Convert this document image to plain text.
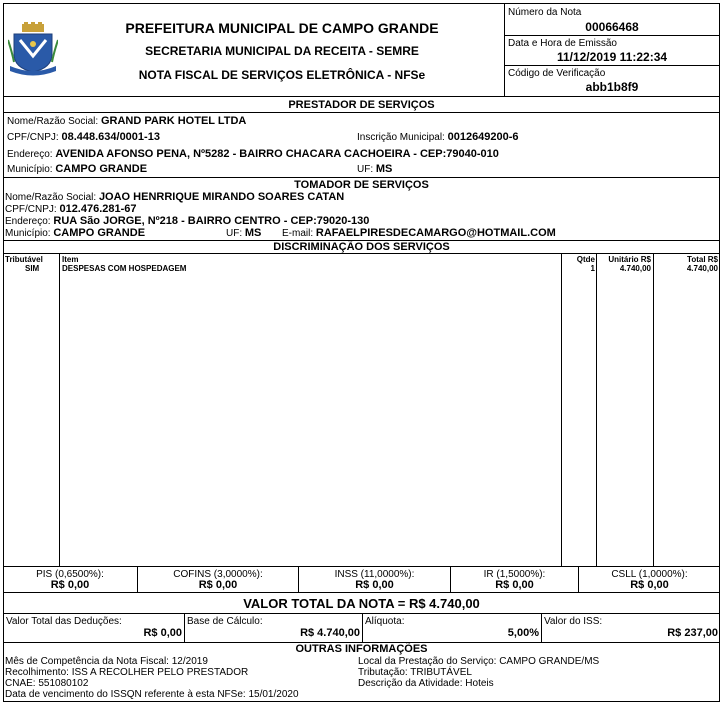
PREFEITURA MUNICIPAL DE CAMPO GRANDE
SECRETARIA MUNICIPAL DA RECEITA - SEMRE
NOTA FISCAL DE SERVIÇOS ELETRÔNICA - NFSe
Número da Nota
00066468
Data e Hora de Emissão
11/12/2019 11:22:34
Código de Verificação
abb1b8f9
PRESTADOR DE SERVIÇOS
Nome/Razão Social: GRAND PARK HOTEL LTDA
CPF/CNPJ: 08.448.634/0001-13	Inscrição Municipal: 0012649200-6
Endereço: AVENIDA AFONSO PENA, Nº5282 - BAIRRO CHACARA CACHOEIRA - CEP:79040-010
Município: CAMPO GRANDE	UF: MS
TOMADOR DE SERVIÇOS
Nome/Razão Social: JOAO HENRRIQUE MIRANDO SOARES CATAN
CPF/CNPJ: 012.476.281-67
Endereço: RUA São JORGE, Nº218 - BAIRRO CENTRO - CEP:79020-130
Município: CAMPO GRANDE	UF: MS E-mail: RAFAELPIRESDECAMARGO@HOTMAIL.COM
DISCRIMINAÇÃO DOS SERVIÇOS
Tributável Item	Qtde	Unitário R$	Total R$
SIM	DESPESAS COM HOSPEDAGEM	1	4.740,00	4.740,00
PIS (0,6500%):
R$ 0,00
COFINS (3,0000%):
R$ 0,00
INSS (11,0000%):
R$ 0,00
IR (1,5000%):
R$ 0,00
CSLL (1,0000%):
R$ 0,00
VALOR TOTAL DA NOTA = R$ 4.740,00
Valor Total das Deduções:
R$ 0,00
Base de Cálculo:
R$ 4.740,00
Alíquota:
5,00%
Valor do ISS:
R$ 237,00
OUTRAS INFORMAÇÕES
Mês de Competência da Nota Fiscal: 12/2019
Recolhimento: ISS A RECOLHER PELO PRESTADOR
CNAE: 551080102
Data de vencimento do ISSQN referente à esta NFSe: 15/01/2020
Local da Prestação do Serviço: CAMPO GRANDE/MS
Tributação: TRIBUTÁVEL
Descrição da Atividade: Hoteis
